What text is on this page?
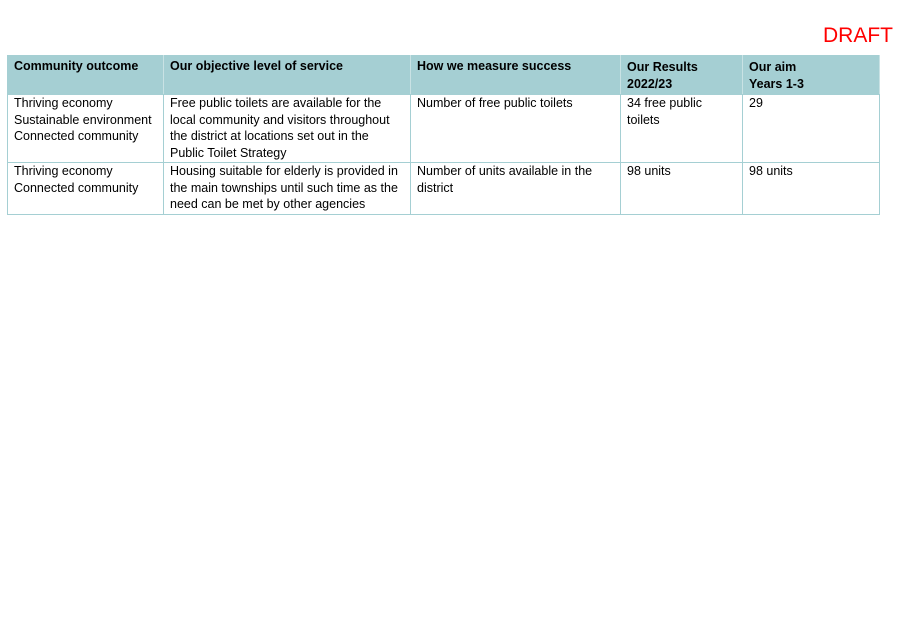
DRAFT
Community outcome	Our objective level of service	How we measure success	Our Results
2022/23	Our aim
Years 1-3

Thriving economy
Sustainable environment
Connected community	Free public toilets are available for the
local community and visitors throughout
the district at locations set out in the
Public Toilet Strategy	Number of free public toilets	34 free public
toilets	29

Thriving economy
Connected community	Housing suitable for elderly is provided in
the main townships until such time as the
need can be met by other agencies	Number of units available in the
district	98 units	98 units
